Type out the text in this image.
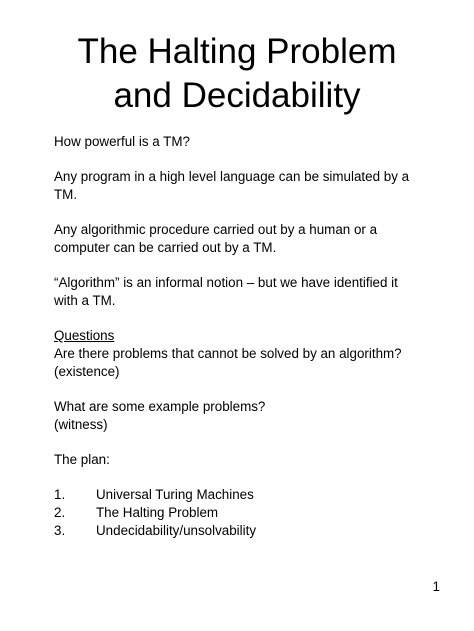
The Halting Problem
and Decidability

How powerful is a TM?

Any program in a high level language can be simulated by a TM.

Any algorithmic procedure carried out by a human or a computer can be carried out by a TM.

“Algorithm” is an informal notion – but we have identified it with a TM.

Questions

Are there problems that cannot be solved by an algorithm?

(existence)

What are some example problems?

(witness)

The plan:

1.	Universal Turing Machines

2.	The Halting Problem

3.	Undecidability/unsolvability

1
